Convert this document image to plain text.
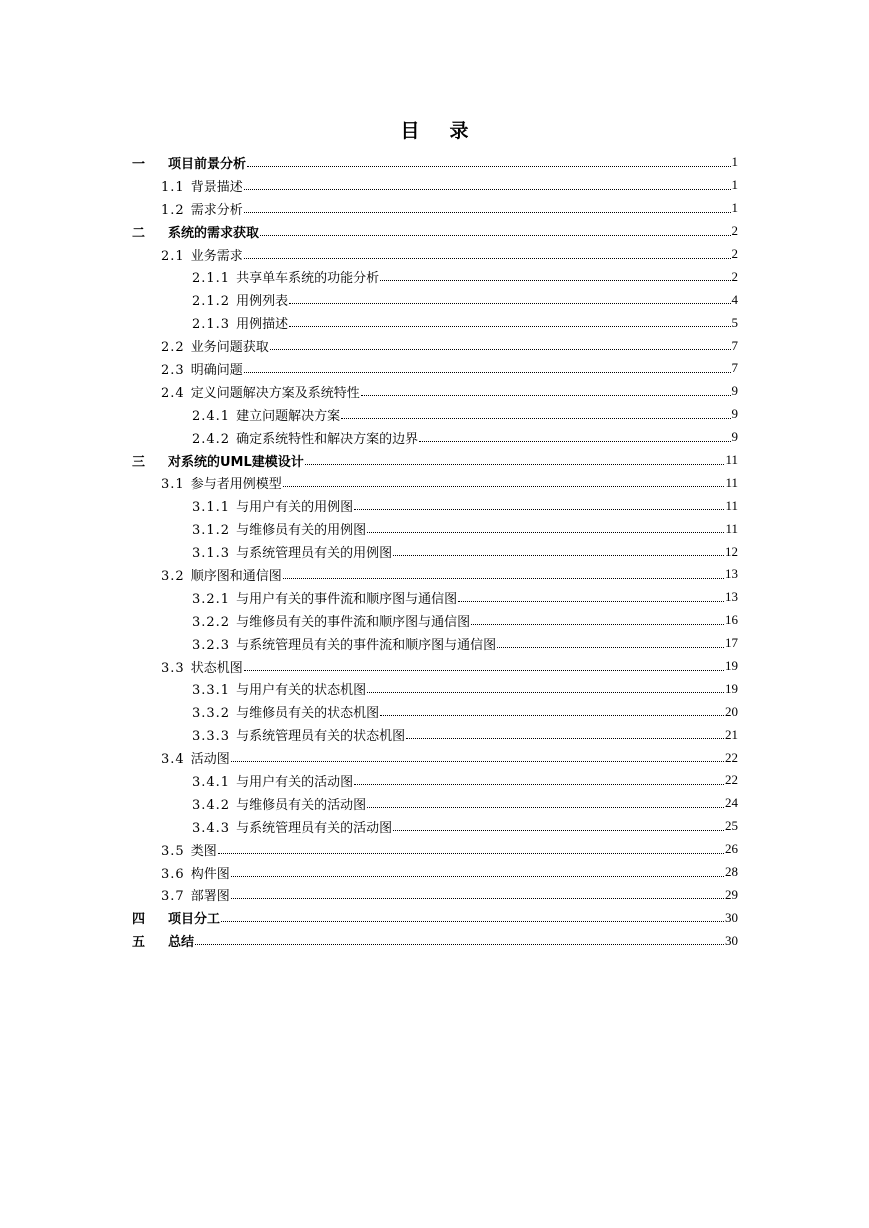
目 录
一 项目前景分析	1
1.1 背景描述	1
1.2 需求分析	1
二 系统的需求获取	2
2.1 业务需求	2
2.1.1 共享单车系统的功能分析	2
2.1.2 用例列表	4
2.1.3 用例描述	5
2.2 业务问题获取	7
2.3 明确问题	7
2.4 定义问题解决方案及系统特性	9
2.4.1 建立问题解决方案	9
2.4.2 确定系统特性和解决方案的边界	9
三 对系统的UML建模设计	11
3.1 参与者用例模型	11
3.1.1 与用户有关的用例图	11
3.1.2 与维修员有关的用例图	11
3.1.3 与系统管理员有关的用例图	12
3.2 顺序图和通信图	13
3.2.1 与用户有关的事件流和顺序图与通信图	13
3.2.2 与维修员有关的事件流和顺序图与通信图	16
3.2.3 与系统管理员有关的事件流和顺序图与通信图	17
3.3 状态机图	19
3.3.1 与用户有关的状态机图	19
3.3.2 与维修员有关的状态机图	20
3.3.3 与系统管理员有关的状态机图	21
3.4 活动图	22
3.4.1 与用户有关的活动图	22
3.4.2 与维修员有关的活动图	24
3.4.3 与系统管理员有关的活动图	25
3.5 类图	26
3.6 构件图	28
3.7 部署图	29
四 项目分工	30
五 总结	30
